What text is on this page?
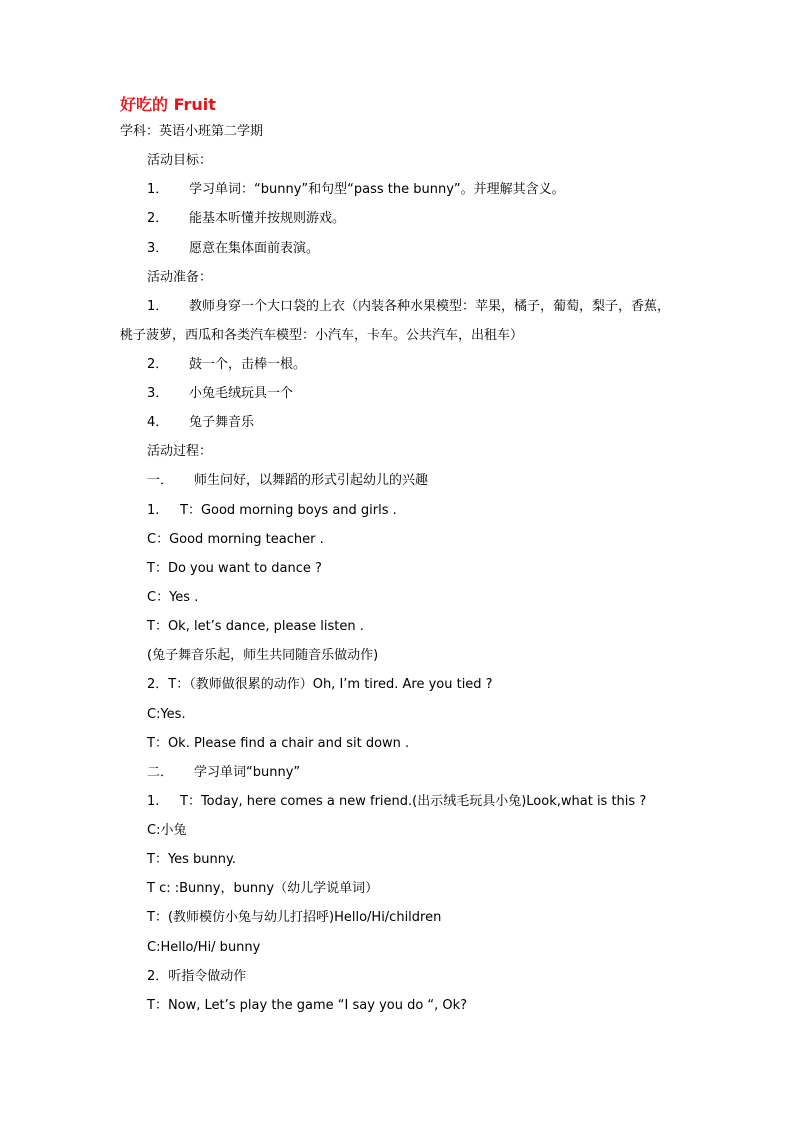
好吃的 Fruit
学科：英语小班第二学期
活动目标：
1． 学习单词：“bunny”和句型“pass the bunny”。并理解其含义。
2． 能基本听懂并按规则游戏。
3． 愿意在集体面前表演。
活动准备：
1． 教师身穿一个大口袋的上衣（内装各种水果模型：苹果，橘子，葡萄，梨子，香蕉，
桃子菠萝，西瓜和各类汽车模型：小汽车，卡车。公共汽车，出租车）
2． 鼓一个，击棒一根。
3． 小兔毛绒玩具一个
4． 兔子舞音乐
活动过程：
一． 师生问好，以舞蹈的形式引起幼儿的兴趣
1. T：Good morning boys and girls .
C：Good morning teacher .
T：Do you want to dance ?
C：Yes .
T：Ok, let’s dance, please listen .
(兔子舞音乐起，师生共同随音乐做动作)
2．T：（教师做很累的动作）Oh, I’m tired. Are you tied ?
C:Yes.
T：Ok. Please find a chair and sit down .
二． 学习单词“bunny”
1. T：Today, here comes a new friend.(出示绒毛玩具小兔)Look,what is this ?
C:小兔
T：Yes bunny.
T c: :Bunny，bunny（幼儿学说单词）
T：(教师模仿小兔与幼儿打招呼)Hello/Hi/children
C:Hello/Hi/ bunny
2．听指令做动作
T：Now, Let’s play the game “I say you do “, Ok?
